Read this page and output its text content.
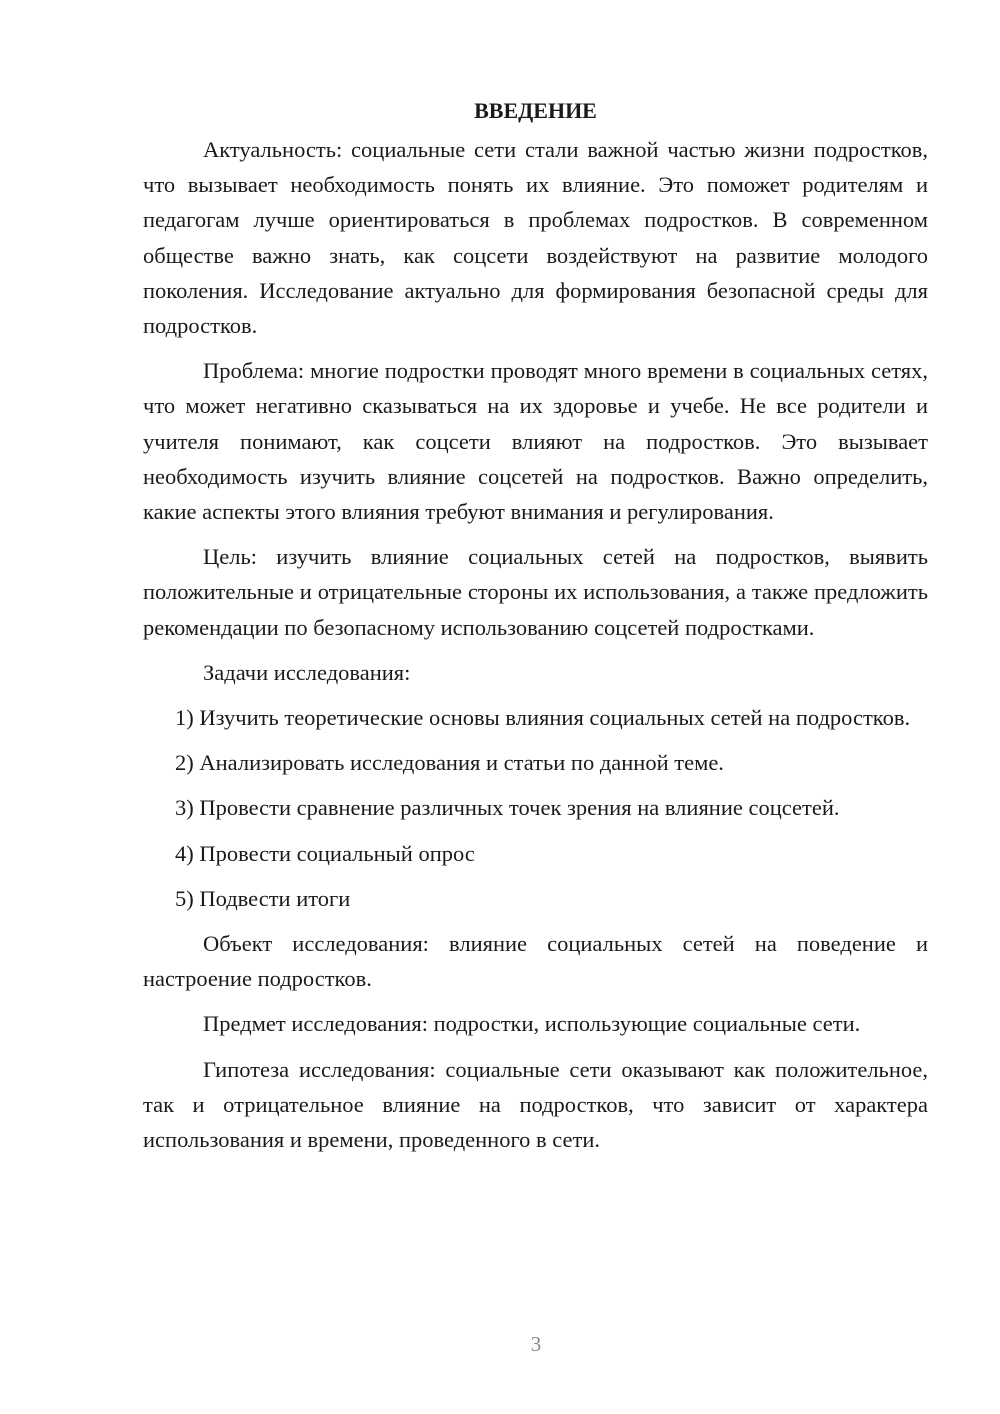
ВВЕДЕНИЕ

Актуальность: социальные сети стали важной частью жизни подростков, что вызывает необходимость понять их влияние. Это поможет родителям и педагогам лучше ориентироваться в проблемах подростков. В современном обществе важно знать, как соцсети воздействуют на развитие молодого поколения. Исследование актуально для формирования безопасной среды для подростков.

Проблема: многие подростки проводят много времени в социальных сетях, что может негативно сказываться на их здоровье и учебе. Не все родители и учителя понимают, как соцсети влияют на подростков. Это вызывает необходимость изучить влияние соцсетей на подростков. Важно определить, какие аспекты этого влияния требуют внимания и регулирования.

Цель: изучить влияние социальных сетей на подростков, выявить положительные и отрицательные стороны их использования, а также предложить рекомендации по безопасному использованию соцсетей подростками.

Задачи исследования:

1) Изучить теоретические основы влияния социальных сетей на подростков.

2) Анализировать исследования и статьи по данной теме.

3) Провести сравнение различных точек зрения на влияние соцсетей.

4) Провести социальный опрос

5) Подвести итоги

Объект исследования: влияние социальных сетей на поведение и настроение подростков.

Предмет исследования: подростки, использующие социальные сети.

Гипотеза исследования: социальные сети оказывают как положительное, так и отрицательное влияние на подростков, что зависит от характера использования и времени, проведенного в сети.

3
